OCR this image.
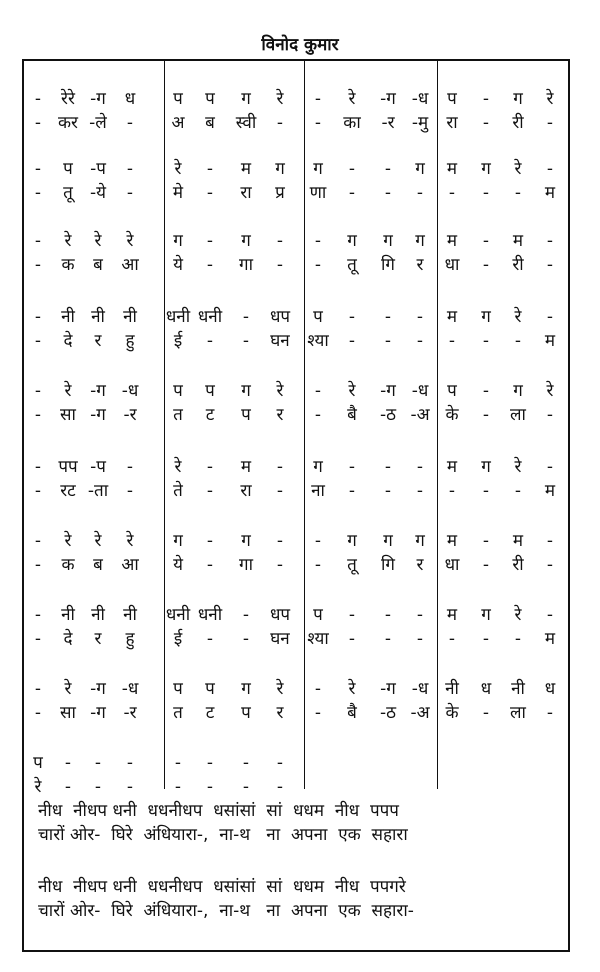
विनोद कुमार
-	रेरे -ग	ध	प	प	ग	रे	-	रे	-ग -ध	प	-	ग	रे
- कर -ले	-	अ	ब	स्वी	-	-	का	-र	-मु	रा	-	री	-
-	प	-प	-	रे	-	म	ग	ग	-	-	ग	म	ग	रे	-
-	तू	-ये	-	मे	-	रा	प्र	णा	-	-	-	-	-	-	म
-	रे	रे	रे	ग	-	ग	-	-	ग	ग	ग	म	-	म	-
-	क	ब	आ	ये	-	गा	-	-	तू	गि	र	धा	-	री	-
-	नी नी	नी	धनी धनी	-	धप	प	-	-	-	म	ग	रे	-
-	दे	र	हु	ई	-	-	घन श्या	-	-	-	-	-	-	म
-	रे	-ग -ध	प	प	ग	रे	-	रे	-ग -ध	प	-	ग	रे
-	सा -ग	-र	त	ट	प	र	-	बै	-ठ -अ के	-	ला	-
-	पप -प	-	रे	-	म	-	ग	-	-	-	म	ग	रे	-
-	रट -ता	-	ते	-	रा	-	ना	-	-	-	-	-	-	म
-	रे	रे	रे	ग	-	ग	-	-	ग	ग	ग	म	-	म	-
-	क	ब	आ	ये	-	गा	-	-	तू	गि	र	धा	-	री	-
-	नी नी	नी	धनी धनी	-	धप	प	-	-	-	म	ग	रे	-
-	दे	र	हु	ई	-	-	घन श्या	-	-	-	-	-	-	म
-	रे	-ग -ध	प	प	ग	रे	-	रे	-ग -ध नी	ध	नी	ध
-	सा -ग	-र	त	ट	प	र	-	बै	-ठ -अ के	-	ला	-
प	-	-	-	-	-	-	-
रे	-	-	-	-	-	-	-
नीध  नीधप धनी  धधनीधप  धसांसां  सां  धधम  नीध  पपप
चारों ओर-  घिरे  अंधियारा-,  ना-थ   ना  अपना  एक  सहारा
नीध  नीधप धनी  धधनीधप  धसांसां  सां  धधम  नीध  पपगरे
चारों ओर-  घिरे  अंधियारा-,  ना-थ   ना  अपना  एक  सहारा-
